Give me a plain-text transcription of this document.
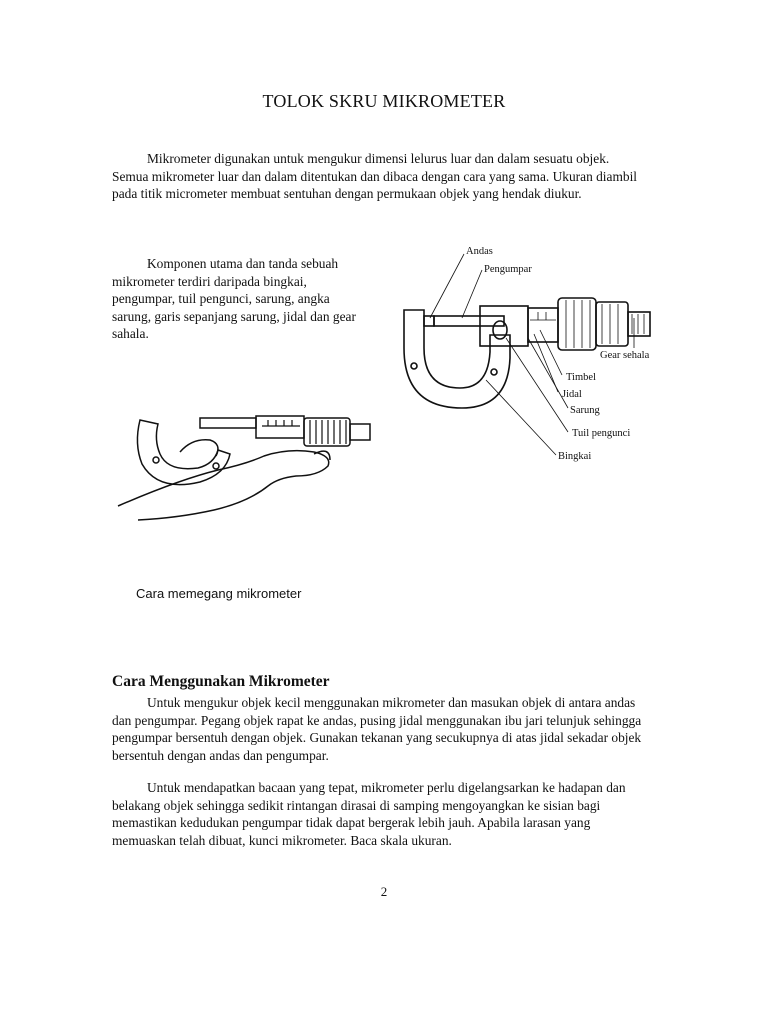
TOLOK SKRU MIKROMETER

Mikrometer digunakan untuk mengukur dimensi lelurus luar dan dalam sesuatu objek. Semua mikrometer luar dan dalam ditentukan dan dibaca dengan cara yang sama. Ukuran diambil pada titik micrometer membuat sentuhan dengan permukaan objek yang hendak diukur.

Komponen utama dan tanda sebuah mikrometer terdiri daripada bingkai, pengumpar, tuil pengunci, sarung, angka sarung, garis sepanjang sarung, jidal dan gear sahala.

Andas
Pengumpar
Gear sehala
Timbel
Jidal
Sarung
Tuil pengunci
Bingkai
Cara memegang mikrometer
Cara Menggunakan Mikrometer

Untuk mengukur objek kecil menggunakan mikrometer dan masukan objek di antara andas dan pengumpar. Pegang objek rapat ke andas, pusing jidal menggunakan ibu jari telunjuk sehingga pengumpar bersentuh dengan objek. Gunakan tekanan yang secukupnya di atas jidal sekadar objek bersentuh dengan andas dan pengumpar.

Untuk mendapatkan bacaan yang tepat, mikrometer perlu digelangsarkan ke hadapan dan belakang objek sehingga sedikit rintangan dirasai di samping mengoyangkan ke sisian bagi memastikan kedudukan pengumpar tidak dapat bergerak lebih jauh. Apabila larasan yang memuaskan telah dibuat, kunci mikrometer. Baca skala ukuran.

2
